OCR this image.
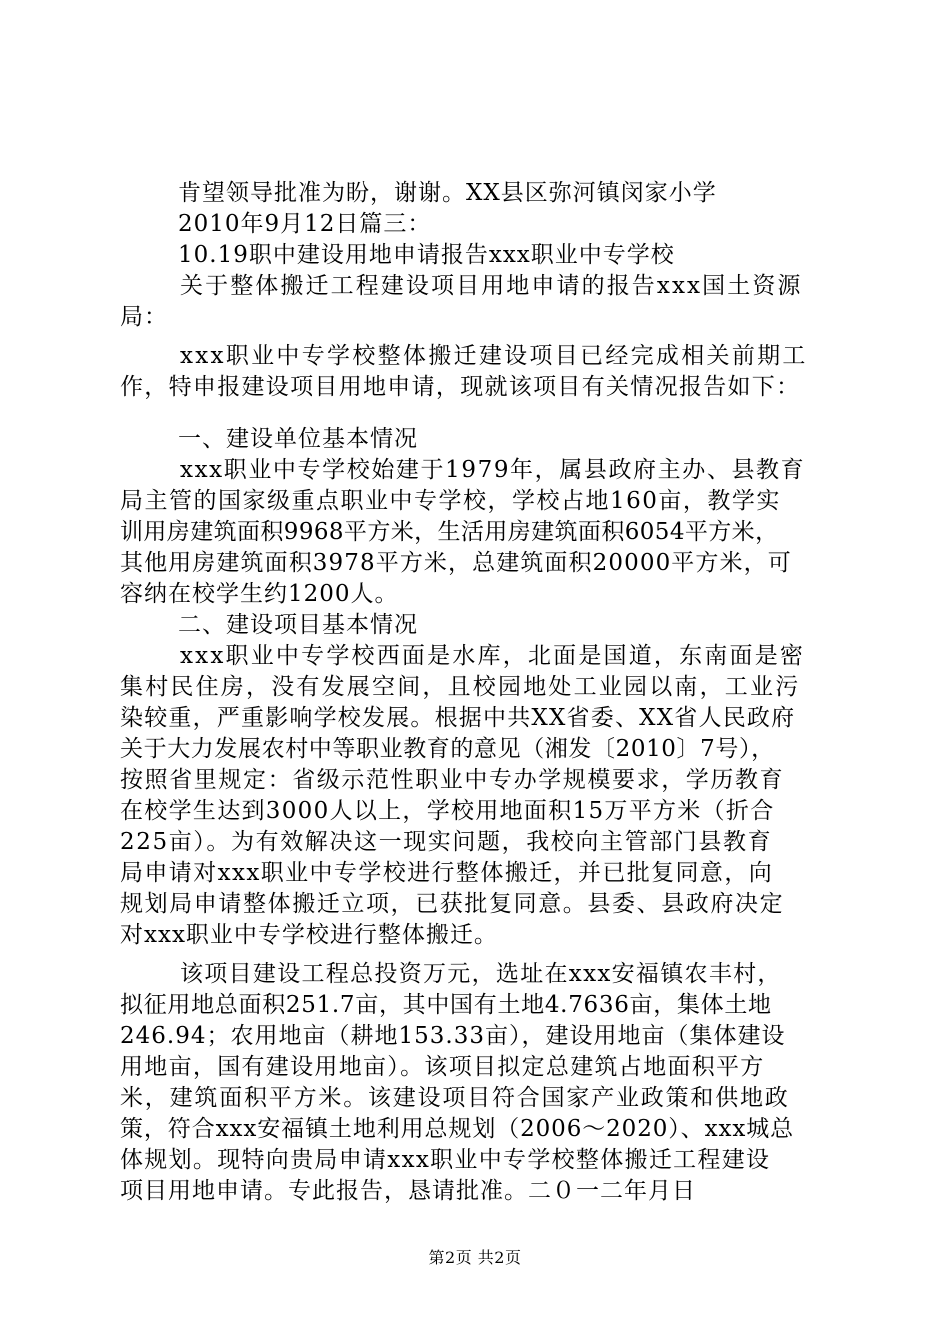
肯望领导批准为盼，谢谢。XX县区弥河镇闵家小学
2010年9月12日篇三：
10.19职中建设用地申请报告xxx职业中专学校
关于整体搬迁工程建设项目用地申请的报告xxx国土资源
局：
xxx职业中专学校整体搬迁建设项目已经完成相关前期工
作，特申报建设项目用地申请，现就该项目有关情况报告如下：
一、建设单位基本情况
xxx职业中专学校始建于1979年，属县政府主办、县教育
局主管的国家级重点职业中专学校，学校占地160亩，教学实
训用房建筑面积9968平方米，生活用房建筑面积6054平方米，
其他用房建筑面积3978平方米，总建筑面积20000平方米，可
容纳在校学生约1200人。
二、建设项目基本情况
xxx职业中专学校西面是水库，北面是国道，东南面是密
集村民住房，没有发展空间，且校园地处工业园以南，工业污
染较重，严重影响学校发展。根据中共XX省委、XX省人民政府
关于大力发展农村中等职业教育的意见（湘发〔2010〕7号），
按照省里规定：省级示范性职业中专办学规模要求，学历教育
在校学生达到3000人以上，学校用地面积15万平方米（折合
225亩）。为有效解决这一现实问题，我校向主管部门县教育
局申请对xxx职业中专学校进行整体搬迁，并已批复同意，向
规划局申请整体搬迁立项，已获批复同意。县委、县政府决定
对xxx职业中专学校进行整体搬迁。
该项目建设工程总投资万元，选址在xxx安福镇农丰村，
拟征用地总面积251.7亩，其中国有土地4.7636亩，集体土地
246.94；农用地亩（耕地153.33亩），建设用地亩（集体建设
用地亩，国有建设用地亩）。该项目拟定总建筑占地面积平方
米，建筑面积平方米。该建设项目符合国家产业政策和供地政
策，符合xxx安福镇土地利用总规划（2006～2020）、xxx城总
体规划。现特向贵局申请xxx职业中专学校整体搬迁工程建设
项目用地申请。专此报告，恳请批准。二０一二年月日
第2页 共2页
